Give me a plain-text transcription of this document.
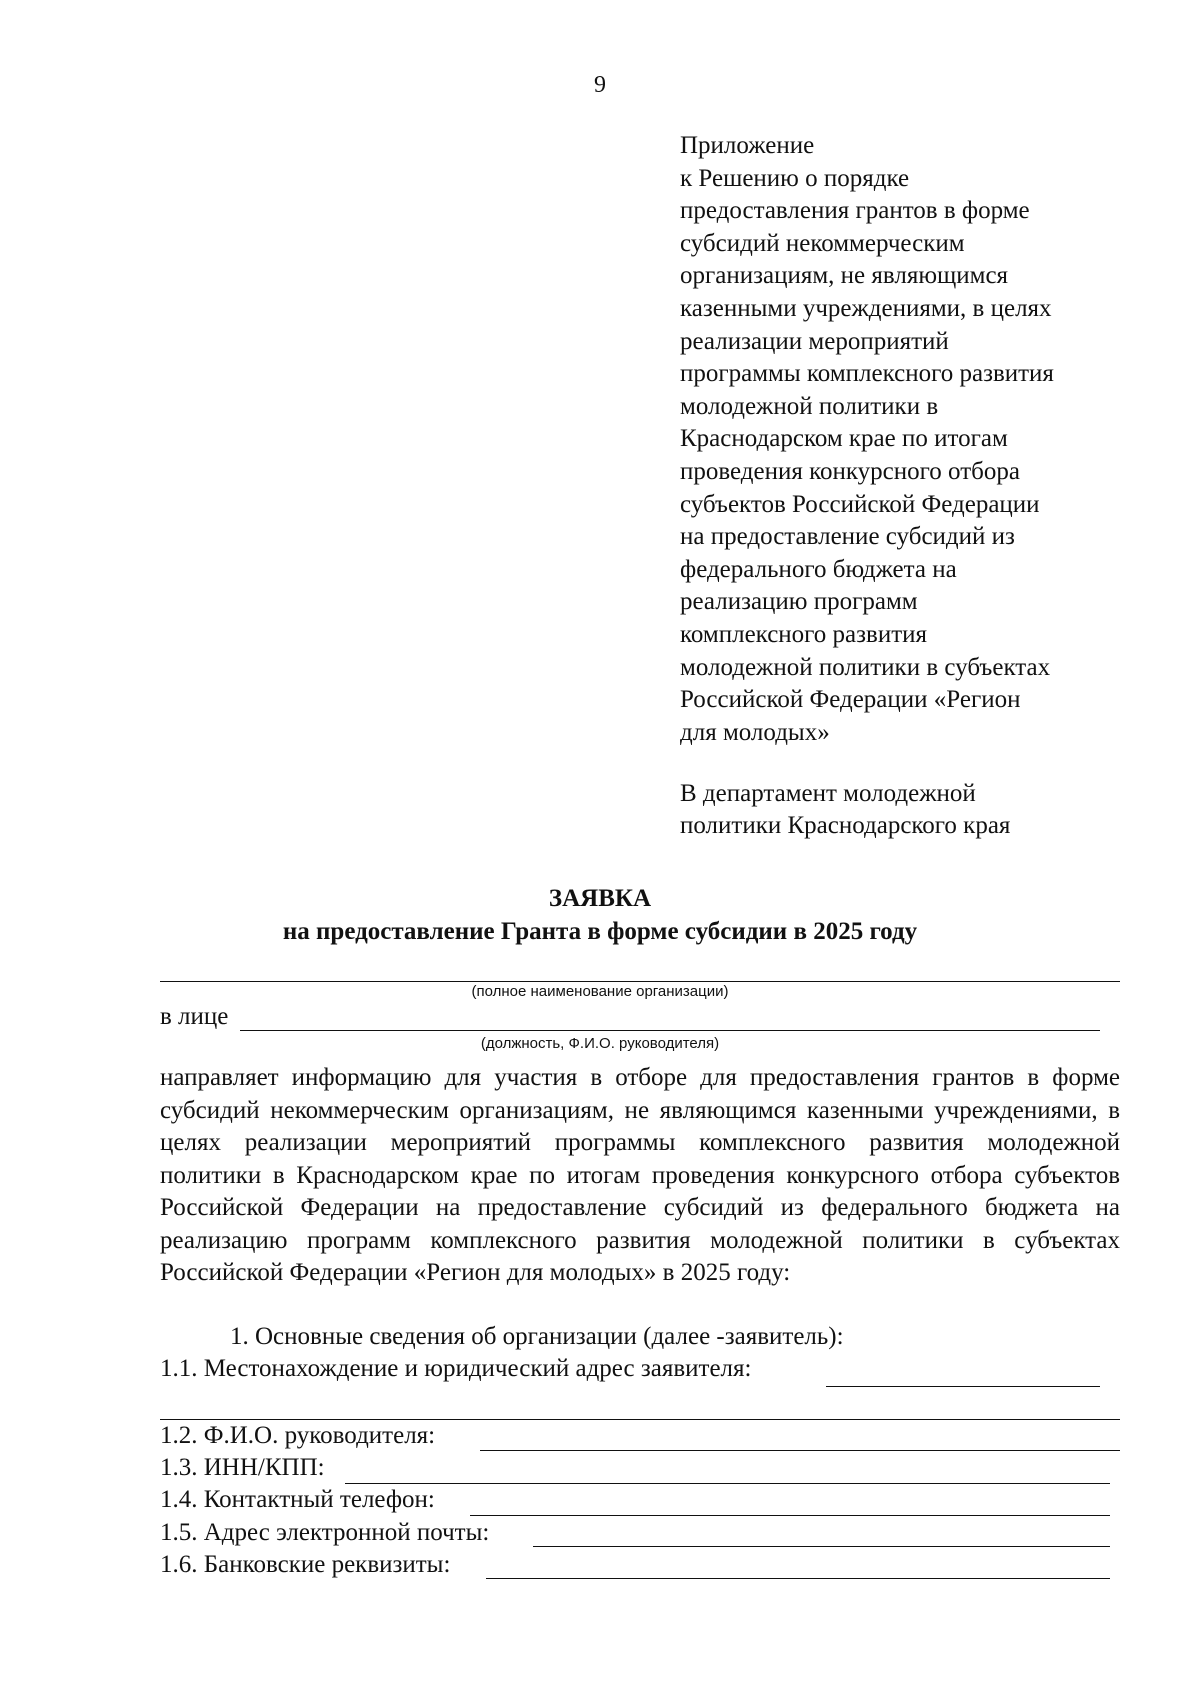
9
Приложение
к Решению о порядке
предоставления грантов в форме
субсидий некоммерческим
организациям, не являющимся
казенными учреждениями, в целях
реализации мероприятий
программы комплексного развития
молодежной политики в
Краснодарском крае по итогам
проведения конкурсного отбора
субъектов Российской Федерации
на предоставление субсидий из
федерального бюджета на
реализацию программ
комплексного развития
молодежной политики в субъектах
Российской Федерации «Регион
для молодых»
В департамент молодежной
политики Краснодарского края
ЗАЯВКА
на предоставление Гранта в форме субсидии в 2025 году
(полное наименование организации)
в лице
(должность, Ф.И.О. руководителя)
направляет информацию для участия в отборе для предоставления грантов в форме субсидий некоммерческим организациям, не являющимся казенными учреждениями, в целях реализации мероприятий программы комплексного развития молодежной политики в Краснодарском крае по итогам проведения конкурсного отбора субъектов Российской Федерации на предоставление субсидий из федерального бюджета на реализацию программ комплексного развития молодежной политики в субъектах Российской Федерации «Регион для молодых» в 2025 году:
1. Основные сведения об организации (далее -заявитель):
1.1. Местонахождение и юридический адрес заявителя:
1.2. Ф.И.О. руководителя:
1.3. ИНН/КПП:
1.4. Контактный телефон:
1.5. Адрес электронной почты:
1.6. Банковские реквизиты:
